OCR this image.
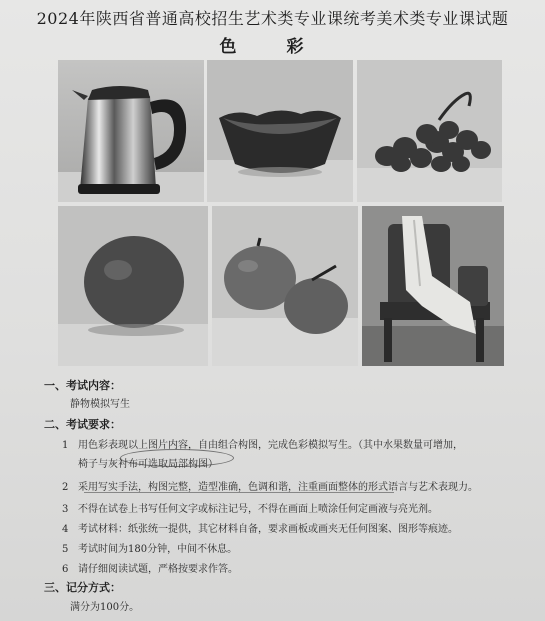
2024年陕西省普通高校招生艺术类专业课统考美术类专业课试题
色 彩
一、考试内容：
静物模拟写生
二、考试要求：
1 用色彩表现以上图片内容，自由组合构图，完成色彩模拟写生。（其中水果数量可增加，
椅子与灰衬布可选取局部构图）
2 采用写实手法，构图完整，造型准确，色调和谐，注重画面整体的形式语言与艺术表现力。
3 不得在试卷上书写任何文字或标注记号，不得在画面上喷涂任何定画液与亮光剂。
4 考试材料：纸张统一提供，其它材料自备，要求画板或画夹无任何图案、图形等痕迹。
5 考试时间为180分钟，中间不休息。
6 请仔细阅读试题，严格按要求作答。
三、记分方式：
满分为100分。
